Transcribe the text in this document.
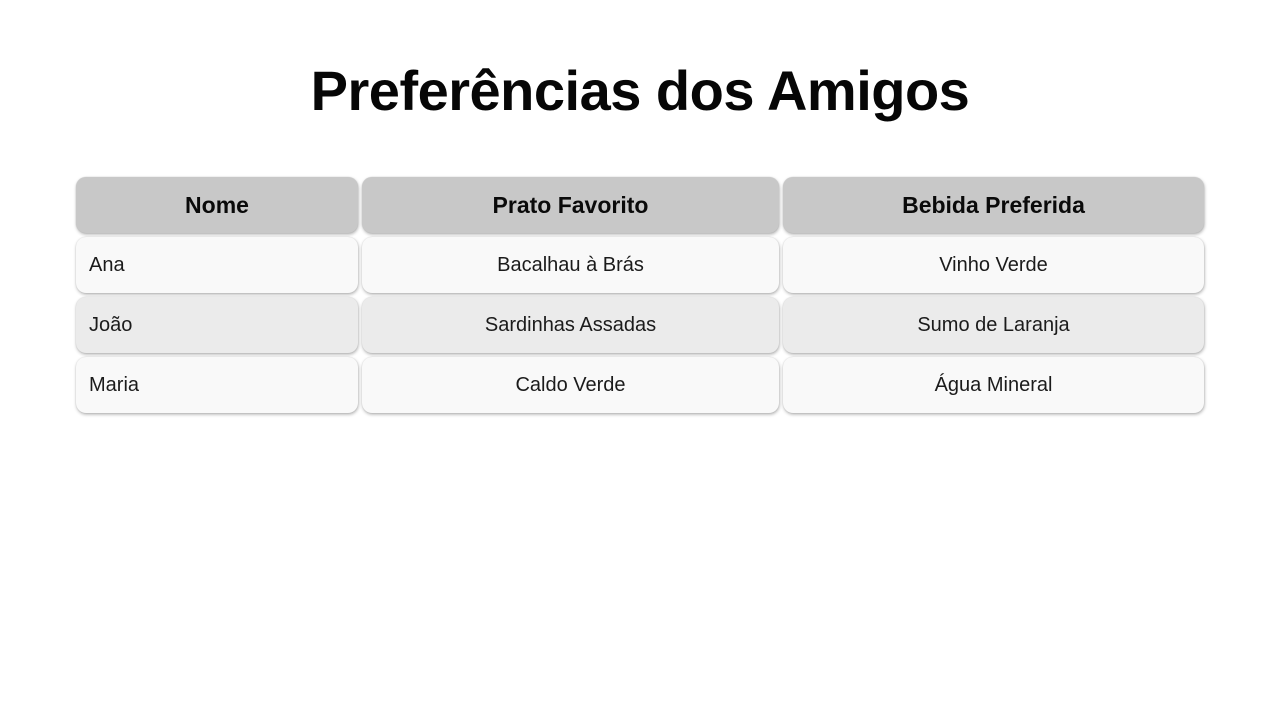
Preferências dos Amigos
Nome	Prato Favorito	Bebida Preferida
Ana	Bacalhau à Brás	Vinho Verde
João	Sardinhas Assadas	Sumo de Laranja
Maria	Caldo Verde	Água Mineral
